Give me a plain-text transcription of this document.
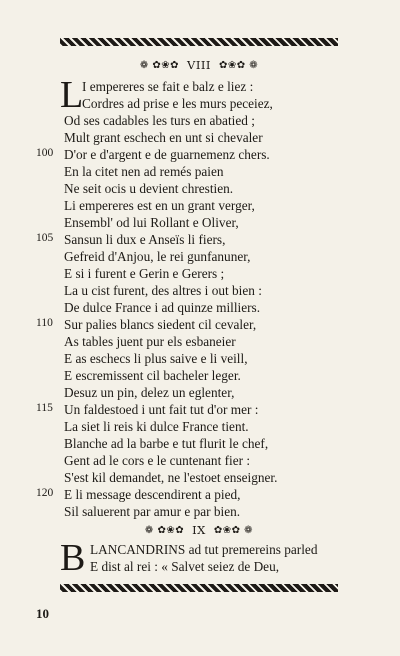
❁ ✿❀✿ VIII ✿❀✿ ❁
L
I empereres se fait e balz e liez :
Cordres ad prise e les murs peceiez,
Od ses cadables les turs en abatied ;
Mult grant eschech en unt si chevaler
100 D'or e d'argent e de guarnemenz chers.
En la citet nen ad remés paien
Ne seit ocis u devient chrestien.
Li empereres est en un grant verger,
Ensembl' od lui Rollant e Oliver,
105 Sansun li dux e Anseïs li fiers,
Gefreid d'Anjou, le rei gunfanuner,
E si i furent e Gerin e Gerers ;
La u cist furent, des altres i out bien :
De dulce France i ad quinze milliers.
110 Sur palies blancs siedent cil cevaler,
As tables juent pur els esbaneier
E as eschecs li plus saive e li veill,
E escremissent cil bacheler leger.
Desuz un pin, delez un eglenter,
115 Un faldestoed i unt fait tut d'or mer :
La siet li reis ki dulce France tient.
Blanche ad la barbe e tut flurit le chef,
Gent ad le cors e le cuntenant fier :
S'est kil demandet, ne l'estoet enseigner.
120 E li message descendirent a pied,
Sil saluerent par amur e par bien.
❁ ✿❀✿ IX ✿❀✿ ❁
B LANCANDRINS ad tut premereins parled
E dist al rei : « Salvet seiez de Deu,
10
